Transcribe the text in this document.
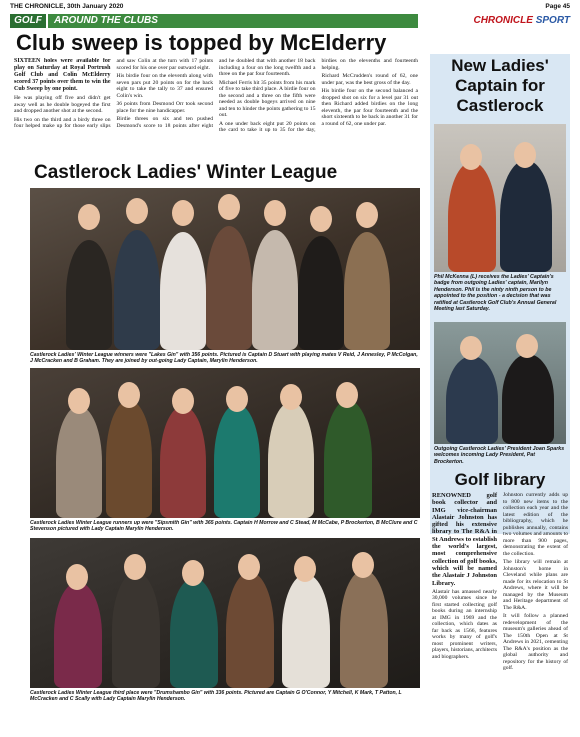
THE CHRONICLE, 30th January 2020	Page 45
GOLF	AROUND THE CLUBS	CHRONICLE SPORT
Club sweep is topped by McElderry

SIXTEEN holes were available for play on Saturday at Royal Portrush Golf Club and Colin McElderry scored 37 points over them to win the Cub Sweep by one point.

He was playing off five and didn't get away well as he double bogeyed the first and dropped another shot at the second.

His two on the third and a birdy three on four helped make up for those early slips and saw Colin at the turn with 17 points scored for his one over par outward eight.

His birdie four on the eleventh along with seven pars put 20 points on for the back eight to take the tally to 37 and ensured Colin's win.

36 points from Desmond Orr took second place for the nine handicapper.

Birdie threes on six and ten pushed Desmond's score to 18 points after eight and he doubled that with another 18 back including a four on the long twelfth and a three on the par four fourteenth.

Michael Ferris hit 35 points from his mark of five to take third place. A birdie four on the second and a three on the fifth were needed as double bogeys arrived on nine and ten to hinder the points gathering to 15 out.

A one under back eight put 20 points on the card to take it up to 35 for the day, birdies on the elevenths and fourteenth helping.

Richard McCrudden's round of 62, one under par, was the best gross of the day.

His birdie four on the second balanced a dropped shot on six for a level par 31 out then Richard added birdies on the long eleventh, the par four fourteenth and the short sixteenth to be back in another 31 for a round of 62, one under par.

New Ladies' Captain for Castlerock
Castlerock Ladies' Winter League
Castlerock Ladies' Winter League winners were "Lakes Gin" with 356 points. Pictured is Captain D Stuart with playing mates V Reid, J Annesley, P McColgan, J McCracken and B Graham. They are joined by out-going Lady Captain, Marylin Henderson.
Castlerock Ladies Winter League runners up were "Sipsmith Gin" with 365 points. Captain H Morrow and C Stead, M McCabe, P Brockerton, B McClure and C Stevenson pictured with Lady Captain Marylin Henderson.
Castlerock Ladies Winter League third place were "Drumshambo Gin" with 336 points. Pictured are Captain G O'Connor, Y Mitchell, K Mark, T Patton, L McCracken and C Scally with Lady Captain Marylin Henderson.
Phil McKenna (L) receives the Ladies' Captain's badge from outgoing Ladies' captain, Marilyn Henderson. Phil is the ninty ninth person to be appointed to the position - a decision that was ratified at Castlerock Golf Club's Annual General Meeting last Saturday.
Outgoing Castlerock Ladies' President Joan Sparks welcomes incoming Lady President, Pat Brockerton.
Golf library

RENOWNED golf book collector and IMG vice-chairman Alastair Johnston has gifted his extensive library to The R&A in St Andrews to establish the world's largest, most comprehensive collection of golf books, which will be named the Alastair J Johnston Library.

Alastair has amassed nearly 30,000 volumes since he first started collecting golf books during an internship at IMG in 1969 and the collection, which dates as far back as 1566, features works by many of golf's most prominent writers, players, historians, architects and biographers.

Johnston currently adds up to 800 new items to the collection each year and the latest edition of the bibliography, which he publishes annually, contains two volumes and amounts to more than 900 pages, demonstrating the extent of the collection.

The library will remain at Johnston's home in Cleveland while plans are made for its relocation to St Andrews, where it will be managed by the Museum and Heritage department of The R&A.

It will follow a planned redevelopment of the museum's galleries ahead of The 150th Open at St Andrews in 2021, cementing The R&A's position as the global authority and repository for the history of golf.
